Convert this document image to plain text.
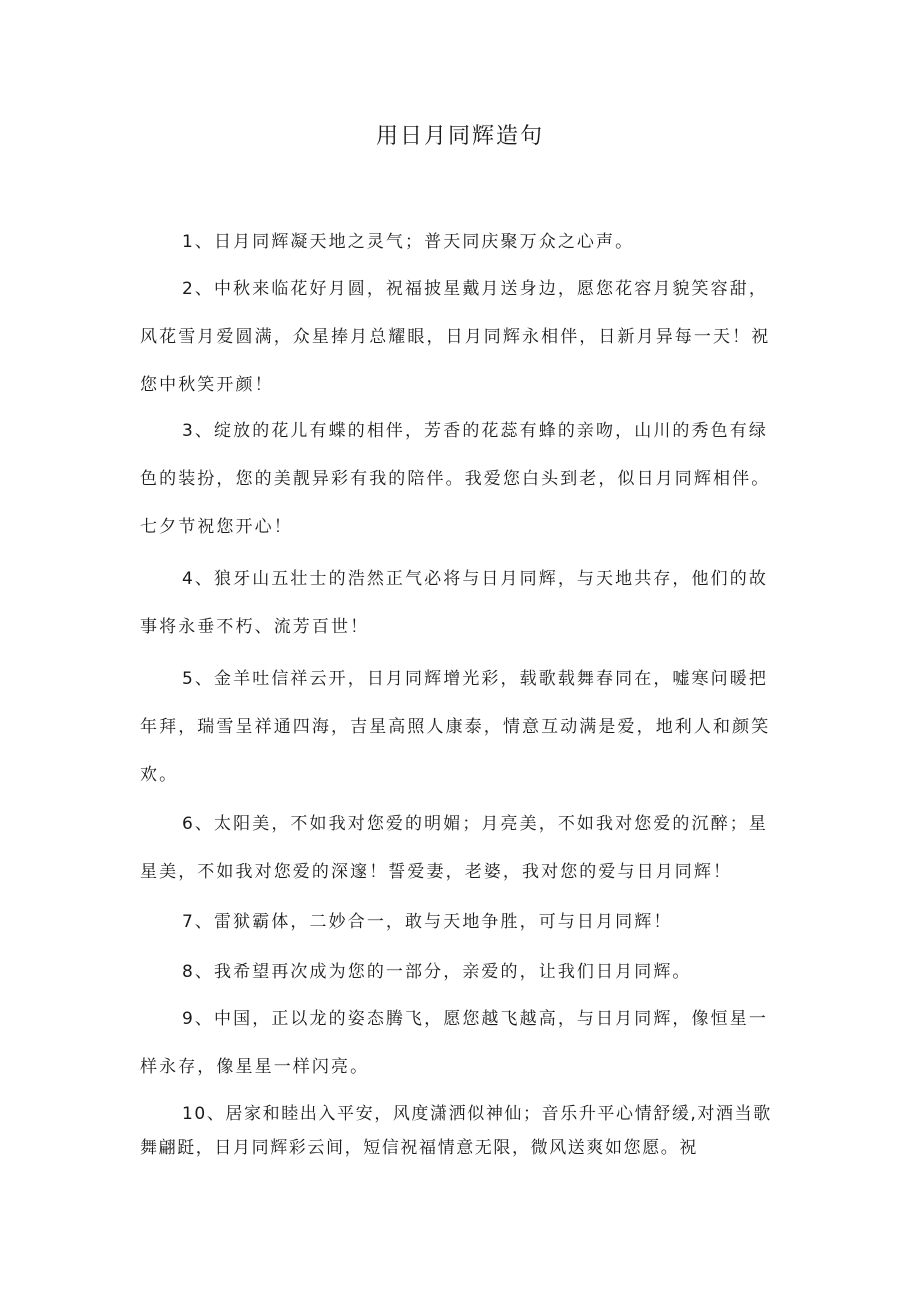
用日月同辉造句

1、日月同辉凝天地之灵气；普天同庆聚万众之心声。

2、中秋来临花好月圆，祝福披星戴月送身边，愿您花容月貌笑容甜，风花雪月爱圆满，众星捧月总耀眼，日月同辉永相伴，日新月异每一天！祝您中秋笑开颜！

3、绽放的花儿有蝶的相伴，芳香的花蕊有蜂的亲吻，山川的秀色有绿色的装扮，您的美靓异彩有我的陪伴。我爱您白头到老，似日月同辉相伴。七夕节祝您开心！

4、狼牙山五壮士的浩然正气必将与日月同辉，与天地共存，他们的故事将永垂不朽、流芳百世！

5、金羊吐信祥云开，日月同辉增光彩，载歌载舞春同在，嘘寒问暖把年拜，瑞雪呈祥通四海，吉星高照人康泰，情意互动满是爱，地利人和颜笑欢。

6、太阳美，不如我对您爱的明媚；月亮美，不如我对您爱的沉醉；星星美，不如我对您爱的深邃！誓爱妻，老婆，我对您的爱与日月同辉！

7、雷狱霸体，二妙合一，敢与天地争胜，可与日月同辉！

8、我希望再次成为您的一部分，亲爱的，让我们日月同辉。

9、中国，正以龙的姿态腾飞，愿您越飞越高，与日月同辉，像恒星一样永存，像星星一样闪亮。

10、居家和睦出入平安，风度潇洒似神仙；音乐升平心情舒缓,对酒当歌舞翩跹，日月同辉彩云间，短信祝福情意无限，微风送爽如您愿。祝
